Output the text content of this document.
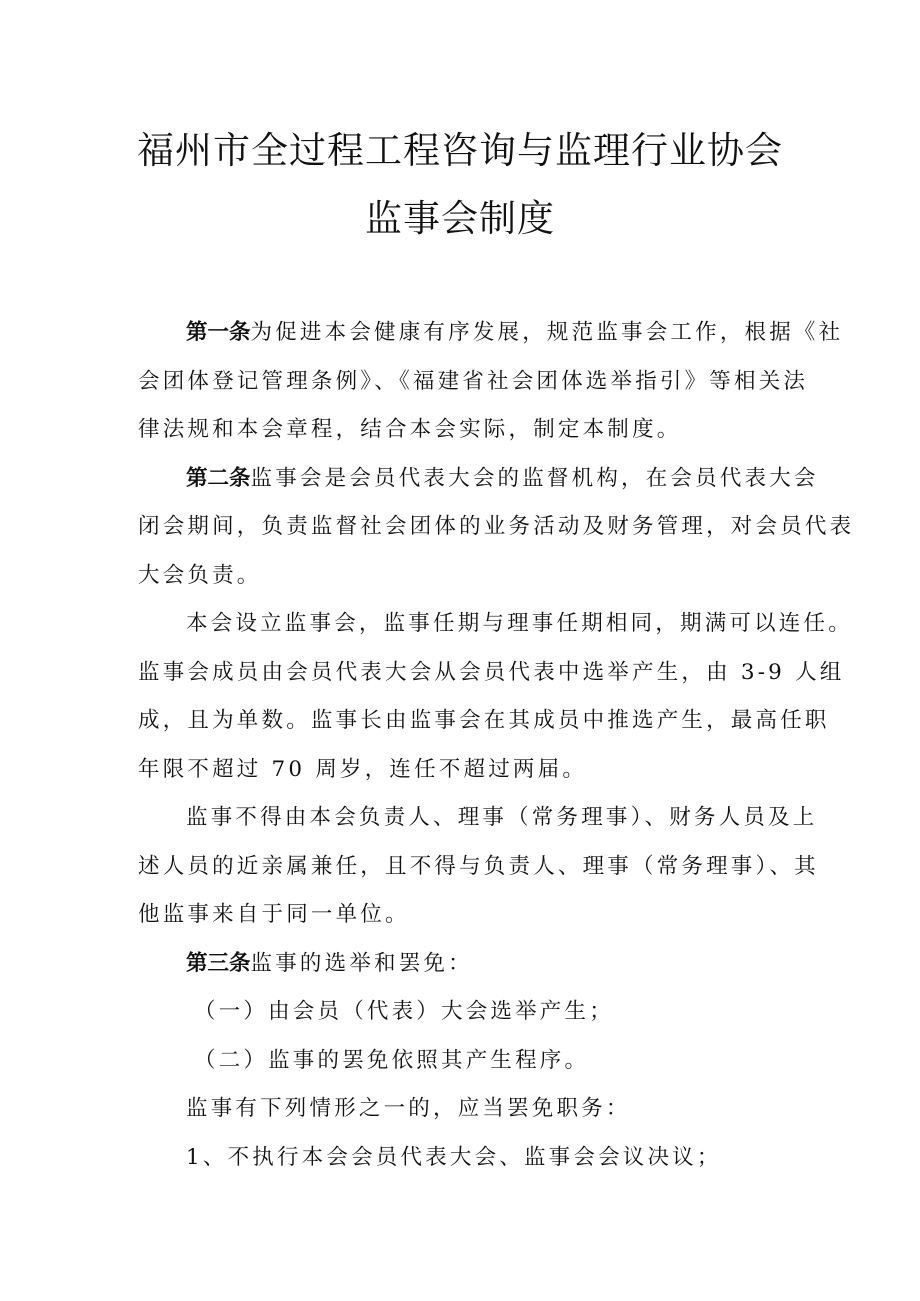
福州市全过程工程咨询与监理行业协会
监事会制度
第一条为促进本会健康有序发展，规范监事会工作，根据《社
会团体登记管理条例》、《福建省社会团体选举指引》等相关法
律法规和本会章程，结合本会实际，制定本制度。
第二条监事会是会员代表大会的监督机构，在会员代表大会
闭会期间，负责监督社会团体的业务活动及财务管理，对会员代表
大会负责。
本会设立监事会，监事任期与理事任期相同，期满可以连任。
监事会成员由会员代表大会从会员代表中选举产生，由 3-9 人组
成，且为单数。监事长由监事会在其成员中推选产生，最高任职
年限不超过 70 周岁，连任不超过两届。
监事不得由本会负责人、理事（常务理事）、财务人员及上
述人员的近亲属兼任，且不得与负责人、理事（常务理事）、其
他监事来自于同一单位。
第三条监事的选举和罢免：
（一）由会员（代表）大会选举产生；
（二）监事的罢免依照其产生程序。
监事有下列情形之一的，应当罢免职务：
1、不执行本会会员代表大会、监事会会议决议；
